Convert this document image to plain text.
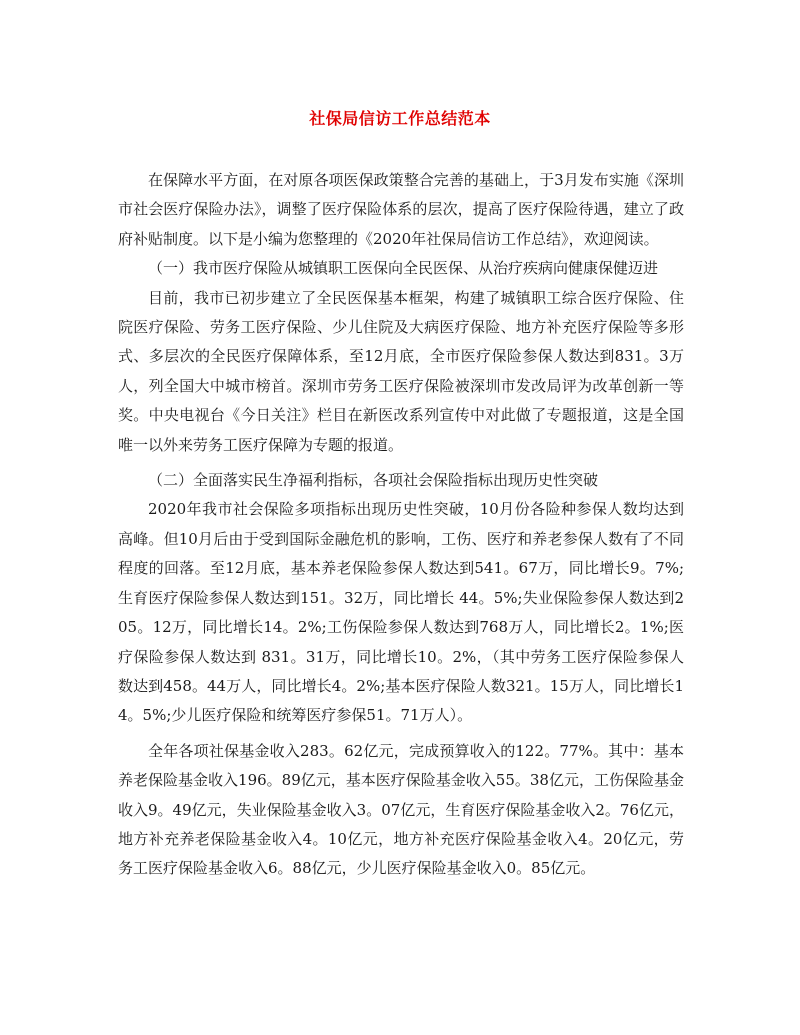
社保局信访工作总结范本

在保障水平方面，在对原各项医保政策整合完善的基础上，于3月发布实施《深圳市社会医疗保险办法》，调整了医疗保险体系的层次，提高了医疗保险待遇，建立了政府补贴制度。以下是小编为您整理的《2020年社保局信访工作总结》，欢迎阅读。

（一）我市医疗保险从城镇职工医保向全民医保、从治疗疾病向健康保健迈进

目前，我市已初步建立了全民医保基本框架，构建了城镇职工综合医疗保险、住院医疗保险、劳务工医疗保险、少儿住院及大病医疗保险、地方补充医疗保险等多形式、多层次的全民医疗保障体系，至12月底，全市医疗保险参保人数达到831。3万人，列全国大中城市榜首。深圳市劳务工医疗保险被深圳市发改局评为改革创新一等奖。中央电视台《今日关注》栏目在新医改系列宣传中对此做了专题报道，这是全国唯一以外来劳务工医疗保障为专题的报道。

（二）全面落实民生净福利指标，各项社会保险指标出现历史性突破

2020年我市社会保险多项指标出现历史性突破，10月份各险种参保人数均达到高峰。但10月后由于受到国际金融危机的影响，工伤、医疗和养老参保人数有了不同程度的回落。至12月底，基本养老保险参保人数达到541。67万，同比增长9。7%;生育医疗保险参保人数达到151。32万，同比增长 44。5%;失业保险参保人数达到205。12万，同比增长14。2%;工伤保险参保人数达到768万人，同比增长2。1%;医疗保险参保人数达到 831。31万，同比增长10。2%，（其中劳务工医疗保险参保人数达到458。44万人，同比增长4。2%;基本医疗保险人数321。15万人，同比增长14。5%;少儿医疗保险和统筹医疗参保51。71万人）。

全年各项社保基金收入283。62亿元，完成预算收入的122。77%。其中：基本养老保险基金收入196。89亿元，基本医疗保险基金收入55。38亿元，工伤保险基金收入9。49亿元，失业保险基金收入3。07亿元，生育医疗保险基金收入2。76亿元，地方补充养老保险基金收入4。10亿元，地方补充医疗保险基金收入4。20亿元，劳务工医疗保险基金收入6。88亿元，少儿医疗保险基金收入0。85亿元。
